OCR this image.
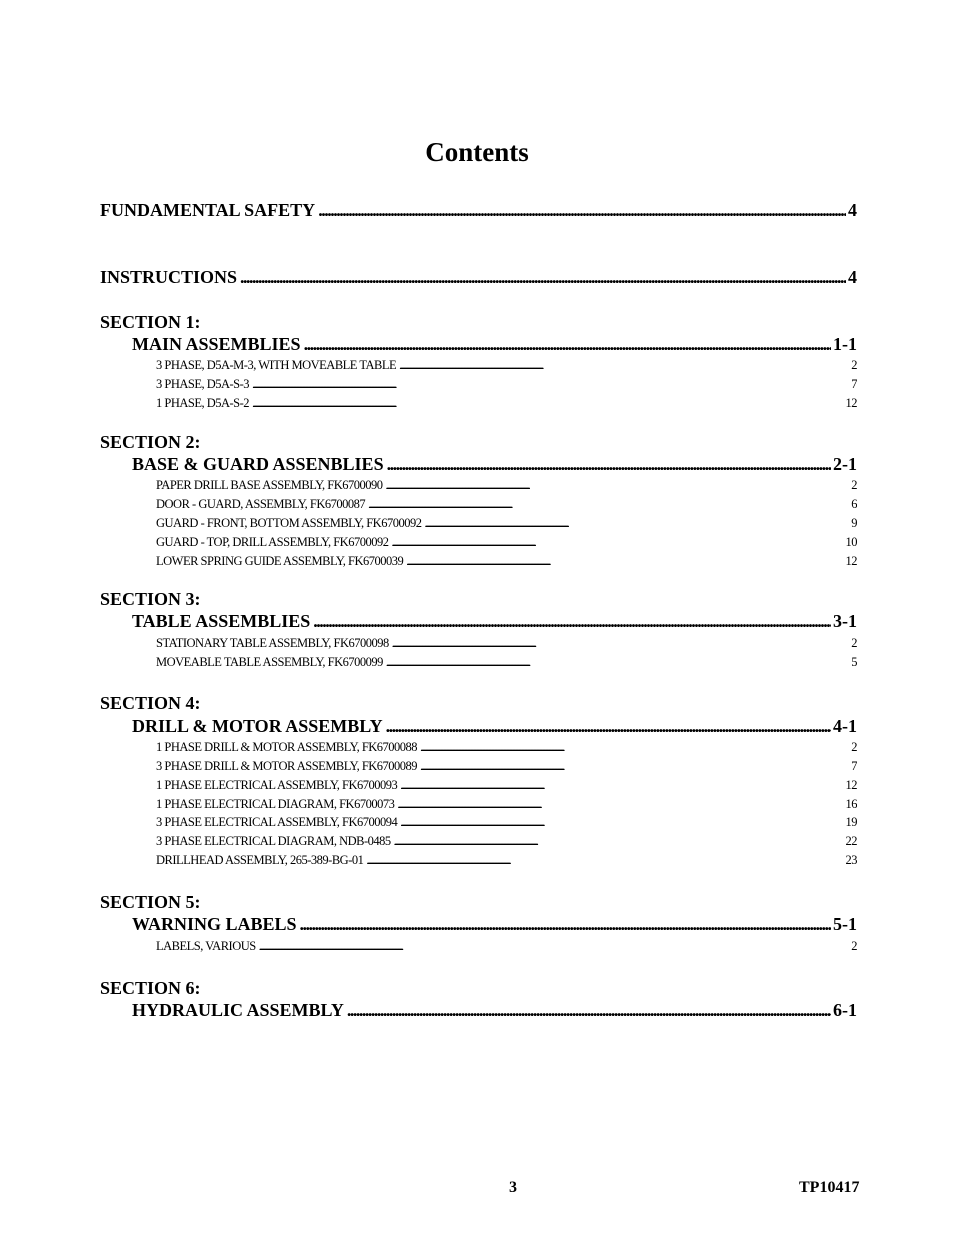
Contents
FUNDAMENTAL SAFETY . . .	4
INSTRUCTIONS . . .	4
SECTION 1:
MAIN ASSEMBLIES . . .	1-1
3 PHASE, D5A-M-3, WITH MOVEABLE TABLE . . .	2
3 PHASE, D5A-S-3 . . .	7
1 PHASE, D5A-S-2 . . .	12
SECTION 2:
BASE & GUARD ASSENBLIES . . .	2-1
PAPER DRILL BASE ASSEMBLY, FK6700090 . . .	2
DOOR - GUARD, ASSEMBLY, FK6700087 . . .	6
GUARD - FRONT, BOTTOM ASSEMBLY, FK6700092 . . .	9
GUARD - TOP, DRILL ASSEMBLY, FK6700092 . . .	10
LOWER SPRING GUIDE ASSEMBLY, FK6700039 . . .	12
SECTION 3:
TABLE ASSEMBLIES . . .	3-1
STATIONARY TABLE ASSEMBLY, FK6700098 . . .	2
MOVEABLE TABLE ASSEMBLY, FK6700099 . . .	5
SECTION 4:
DRILL & MOTOR ASSEMBLY . . .	4-1
1 PHASE DRILL & MOTOR ASSEMBLY, FK6700088 . . .	2
3 PHASE DRILL & MOTOR ASSEMBLY, FK6700089 . . .	7
1 PHASE ELECTRICAL ASSEMBLY, FK6700093 . . .	12
1 PHASE ELECTRICAL DIAGRAM, FK6700073 . . .	16
3 PHASE ELECTRICAL ASSEMBLY, FK6700094 . . .	19
3 PHASE ELECTRICAL DIAGRAM, NDB-0485 . . .	22
DRILLHEAD ASSEMBLY, 265-389-BG-01 . . .	23
SECTION 5:
WARNING LABELS . . .	5-1
LABELS, VARIOUS . . .	2
SECTION 6:
HYDRAULIC ASSEMBLY . . .	6-1
3	TP10417
